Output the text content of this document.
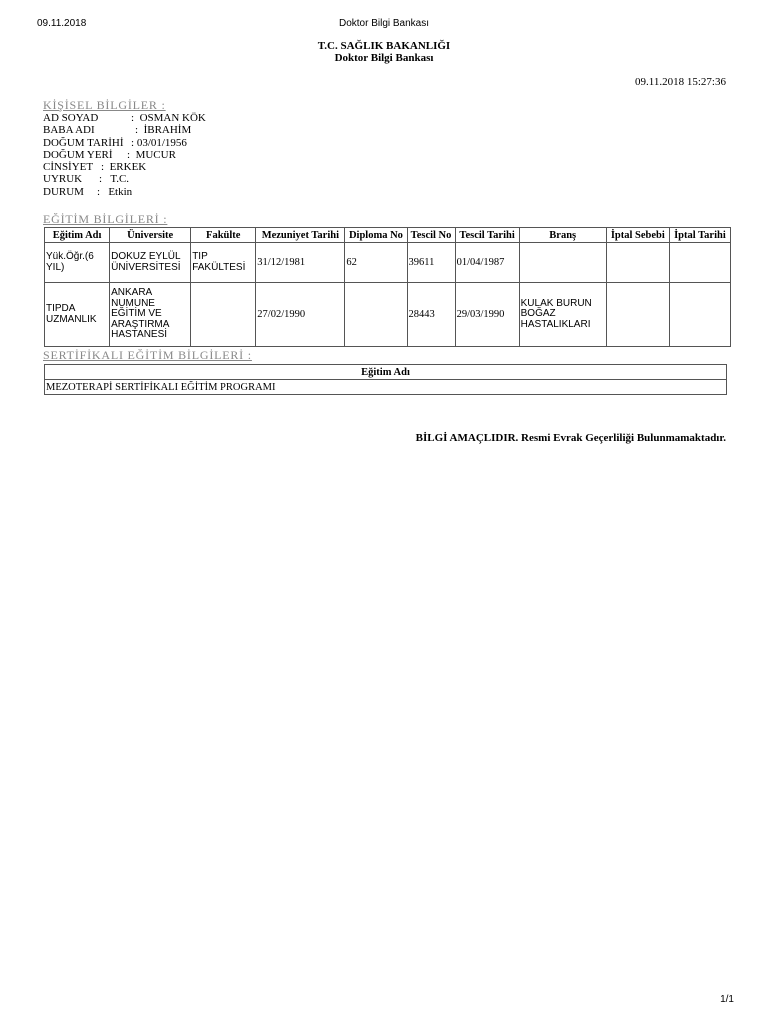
09.11.2018	Doktor Bilgi Bankası
T.C. SAĞLIK BAKANLIĞI
Doktor Bilgi Bankası
09.11.2018 15:27:36
KİŞİSEL BİLGİLER :
AD SOYAD	: OSMAN KÖK
BABA ADI	: İBRAHİM
DOĞUM TARİHİ : 03/01/1956
DOĞUM YERİ : MUCUR
CİNSİYET : ERKEK
UYRUK : T.C.
DURUM : Etkin
EĞİTİM BİLGİLERİ :
Eğitim Adı	Üniversite	Fakülte	Mezuniyet Tarihi	Diploma No	Tescil No	Tescil Tarihi	Branş	İptal Sebebi	İptal Tarihi
Yük.Öğr.(6 YIL)	DOKUZ EYLÜL ÜNİVERSİTESİ	TIP FAKÜLTESİ	31/12/1981	62	39611	01/04/1987			
TIPDA UZMANLIK	ANKARA NUMUNE EĞİTİM VE ARAŞTIRMA HASTANESİ		27/02/1990		28443	29/03/1990	KULAK BURUN BOĞAZ HASTALIKLARI		
SERTİFİKALI EĞİTİM BİLGİLERİ :
Eğitim Adı
MEZOTERAPİ SERTİFİKALI EĞİTİM PROGRAMI
BİLGİ AMAÇLIDIR. Resmi Evrak Geçerliliği Bulunmamaktadır.
1/1
